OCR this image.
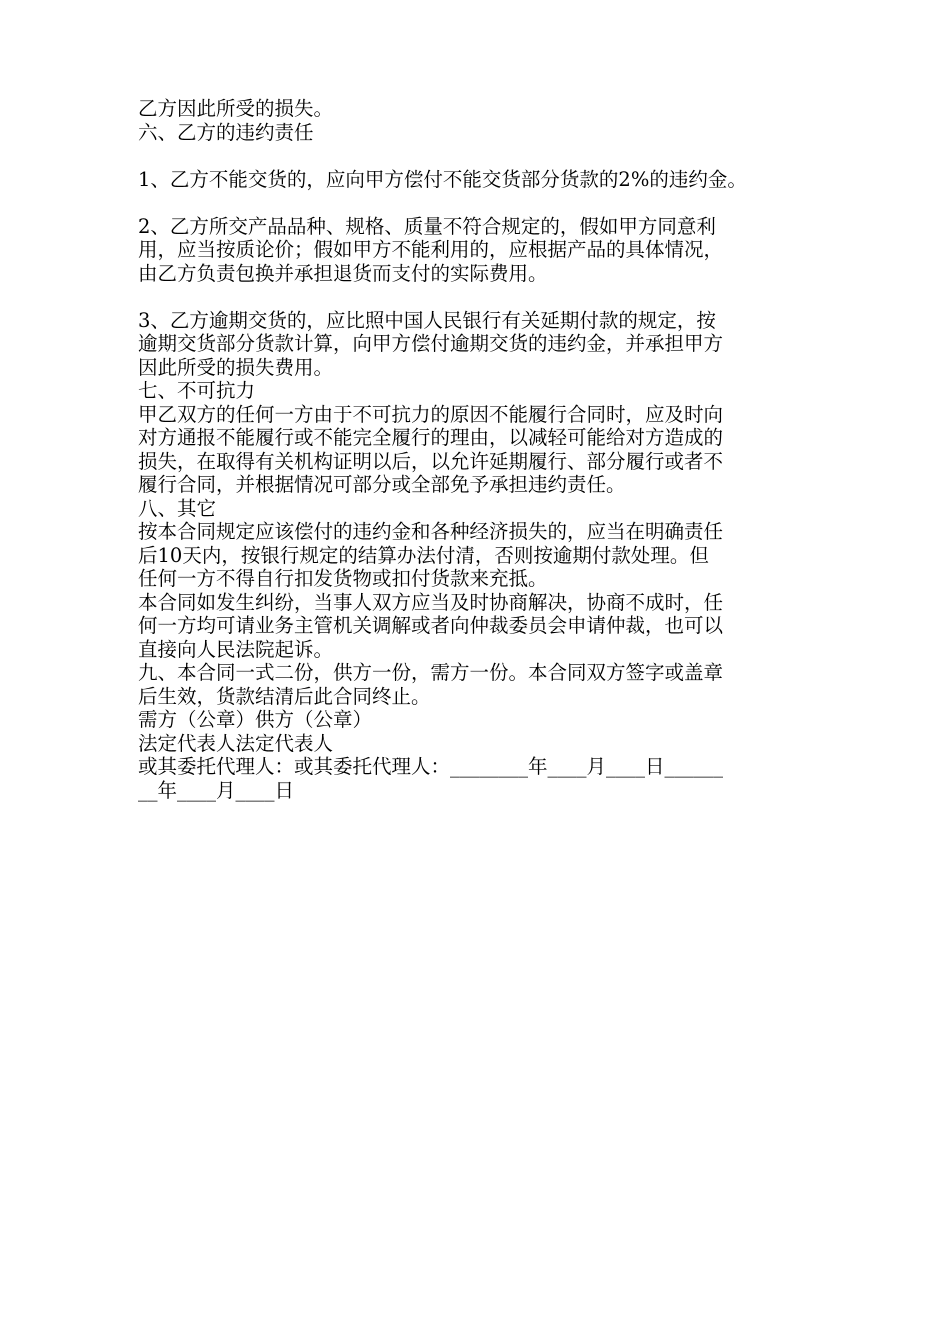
乙方因此所受的损失。
六、乙方的违约责任
1、乙方不能交货的，应向甲方偿付不能交货部分货款的2%的违约金。
2、乙方所交产品品种、规格、质量不符合规定的，假如甲方同意利
用，应当按质论价；假如甲方不能利用的，应根据产品的具体情况，
由乙方负责包换并承担退货而支付的实际费用。
3、乙方逾期交货的，应比照中国人民银行有关延期付款的规定，按
逾期交货部分货款计算，向甲方偿付逾期交货的违约金，并承担甲方
因此所受的损失费用。
七、不可抗力
甲乙双方的任何一方由于不可抗力的原因不能履行合同时，应及时向
对方通报不能履行或不能完全履行的理由，以减轻可能给对方造成的
损失，在取得有关机构证明以后，以允许延期履行、部分履行或者不
履行合同，并根据情况可部分或全部免予承担违约责任。
八、其它
按本合同规定应该偿付的违约金和各种经济损失的，应当在明确责任
后10天内，按银行规定的结算办法付清，否则按逾期付款处理。但
任何一方不得自行扣发货物或扣付货款来充抵。
本合同如发生纠纷，当事人双方应当及时协商解决，协商不成时，任
何一方均可请业务主管机关调解或者向仲裁委员会申请仲裁，也可以
直接向人民法院起诉。
九、本合同一式二份，供方一份，需方一份。本合同双方签字或盖章
后生效，货款结清后此合同终止。
需方（公章）供方（公章）
法定代表人法定代表人
或其委托代理人：或其委托代理人：________年____月____日______
__年____月____日
